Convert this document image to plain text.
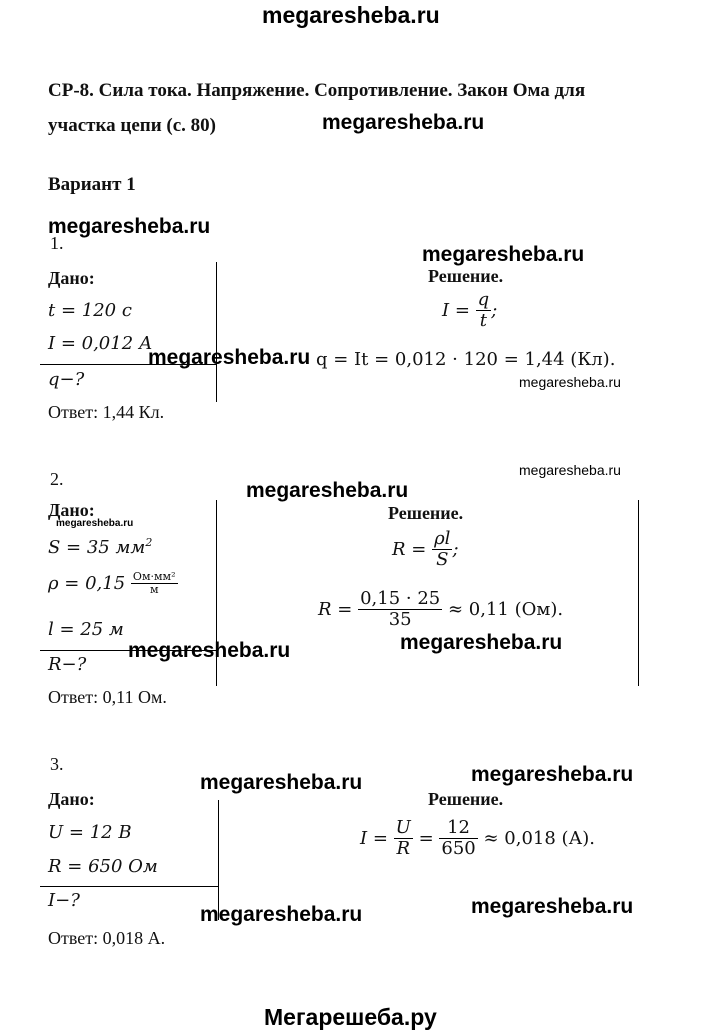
megaresheba.ru
СР-8. Сила тока. Напряжение. Сопротивление. Закон Ома для
участка цепи (с. 80)	megaresheba.ru
Вариант 1
megaresheba.ru
1.	megaresheba.ru
Дано:
t = 120 с
I = 0,012 А
q−?
Решение.
$I = \frac{q}{t}$ ;
megaresheba.ru q = It = 0,012 · 120 = 1,44 (Кл).
megaresheba.ru
Ответ: 1,44 Кл.
2.	megaresheba.ru
megaresheba.ru
Дано:
megaresheba.ru
S = 35 $мм^2$
$\rho = 0,15 \frac{\text{Ом·мм²}}{м}$
l = 25 м
R−?
Решение.
$R = \frac{\rho l}{S}$ ;
$R = \frac{0,15 \cdot 25}{35} \approx 0,11$ (Ом).
megaresheba.ru	megaresheba.ru
Ответ: 0,11 Ом.
3.
megaresheba.ru	megaresheba.ru
Дано:
U = 12 В
R = 650 Ом
I−?
Решение.
$I = \frac{U}{R} = \frac{12}{650} \approx 0,018$ (А).
megaresheba.ru	megaresheba.ru
Ответ: 0,018 А.
Мегарешеба.ру
